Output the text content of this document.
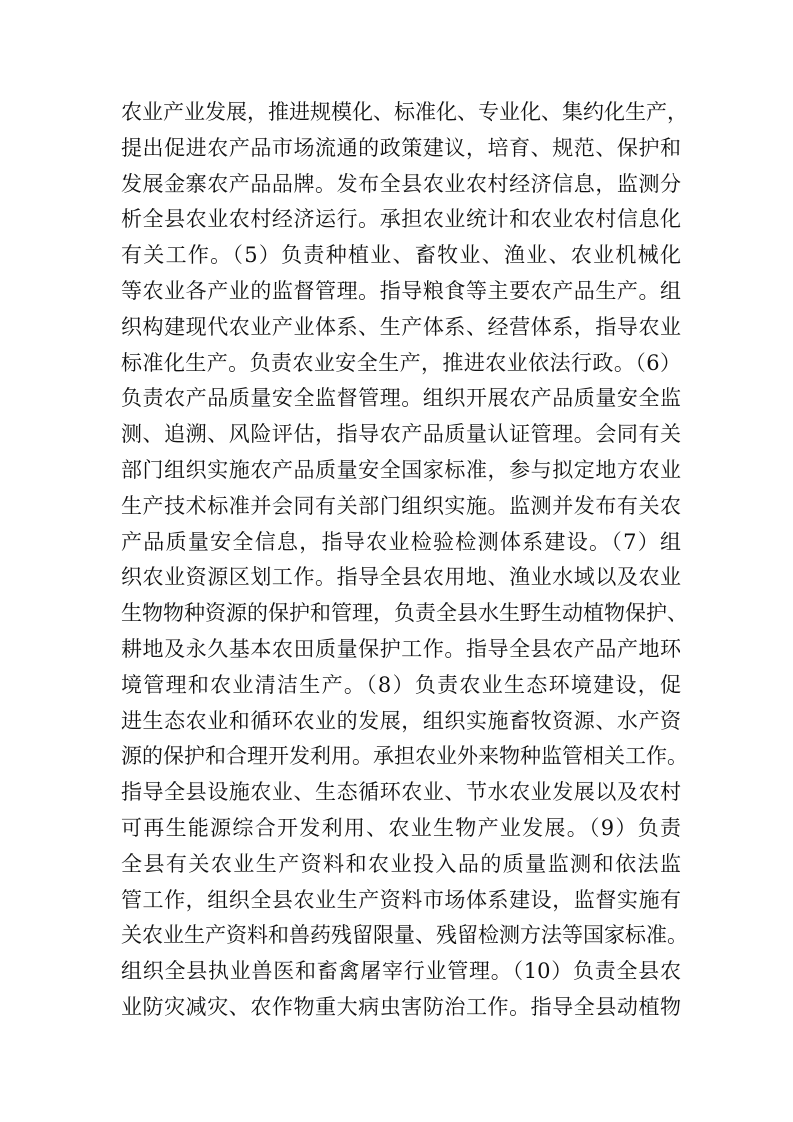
农业产业发展，推进规模化、标准化、专业化、集约化生产，
提出促进农产品市场流通的政策建议，培育、规范、保护和
发展金寨农产品品牌。发布全县农业农村经济信息，监测分
析全县农业农村经济运行。承担农业统计和农业农村信息化
有关工作。（5）负责种植业、畜牧业、渔业、农业机械化
等农业各产业的监督管理。指导粮食等主要农产品生产。组
织构建现代农业产业体系、生产体系、经营体系，指导农业
标准化生产。负责农业安全生产，推进农业依法行政。（6）
负责农产品质量安全监督管理。组织开展农产品质量安全监
测、追溯、风险评估，指导农产品质量认证管理。会同有关
部门组织实施农产品质量安全国家标准，参与拟定地方农业
生产技术标准并会同有关部门组织实施。监测并发布有关农
产品质量安全信息，指导农业检验检测体系建设。（7）组
织农业资源区划工作。指导全县农用地、渔业水域以及农业
生物物种资源的保护和管理，负责全县水生野生动植物保护、
耕地及永久基本农田质量保护工作。指导全县农产品产地环
境管理和农业清洁生产。（8）负责农业生态环境建设，促
进生态农业和循环农业的发展，组织实施畜牧资源、水产资
源的保护和合理开发利用。承担农业外来物种监管相关工作。
指导全县设施农业、生态循环农业、节水农业发展以及农村
可再生能源综合开发利用、农业生物产业发展。（9）负责
全县有关农业生产资料和农业投入品的质量监测和依法监
管工作，组织全县农业生产资料市场体系建设，监督实施有
关农业生产资料和兽药残留限量、残留检测方法等国家标准。
组织全县执业兽医和畜禽屠宰行业管理。（10）负责全县农
业防灾减灾、农作物重大病虫害防治工作。指导全县动植物
